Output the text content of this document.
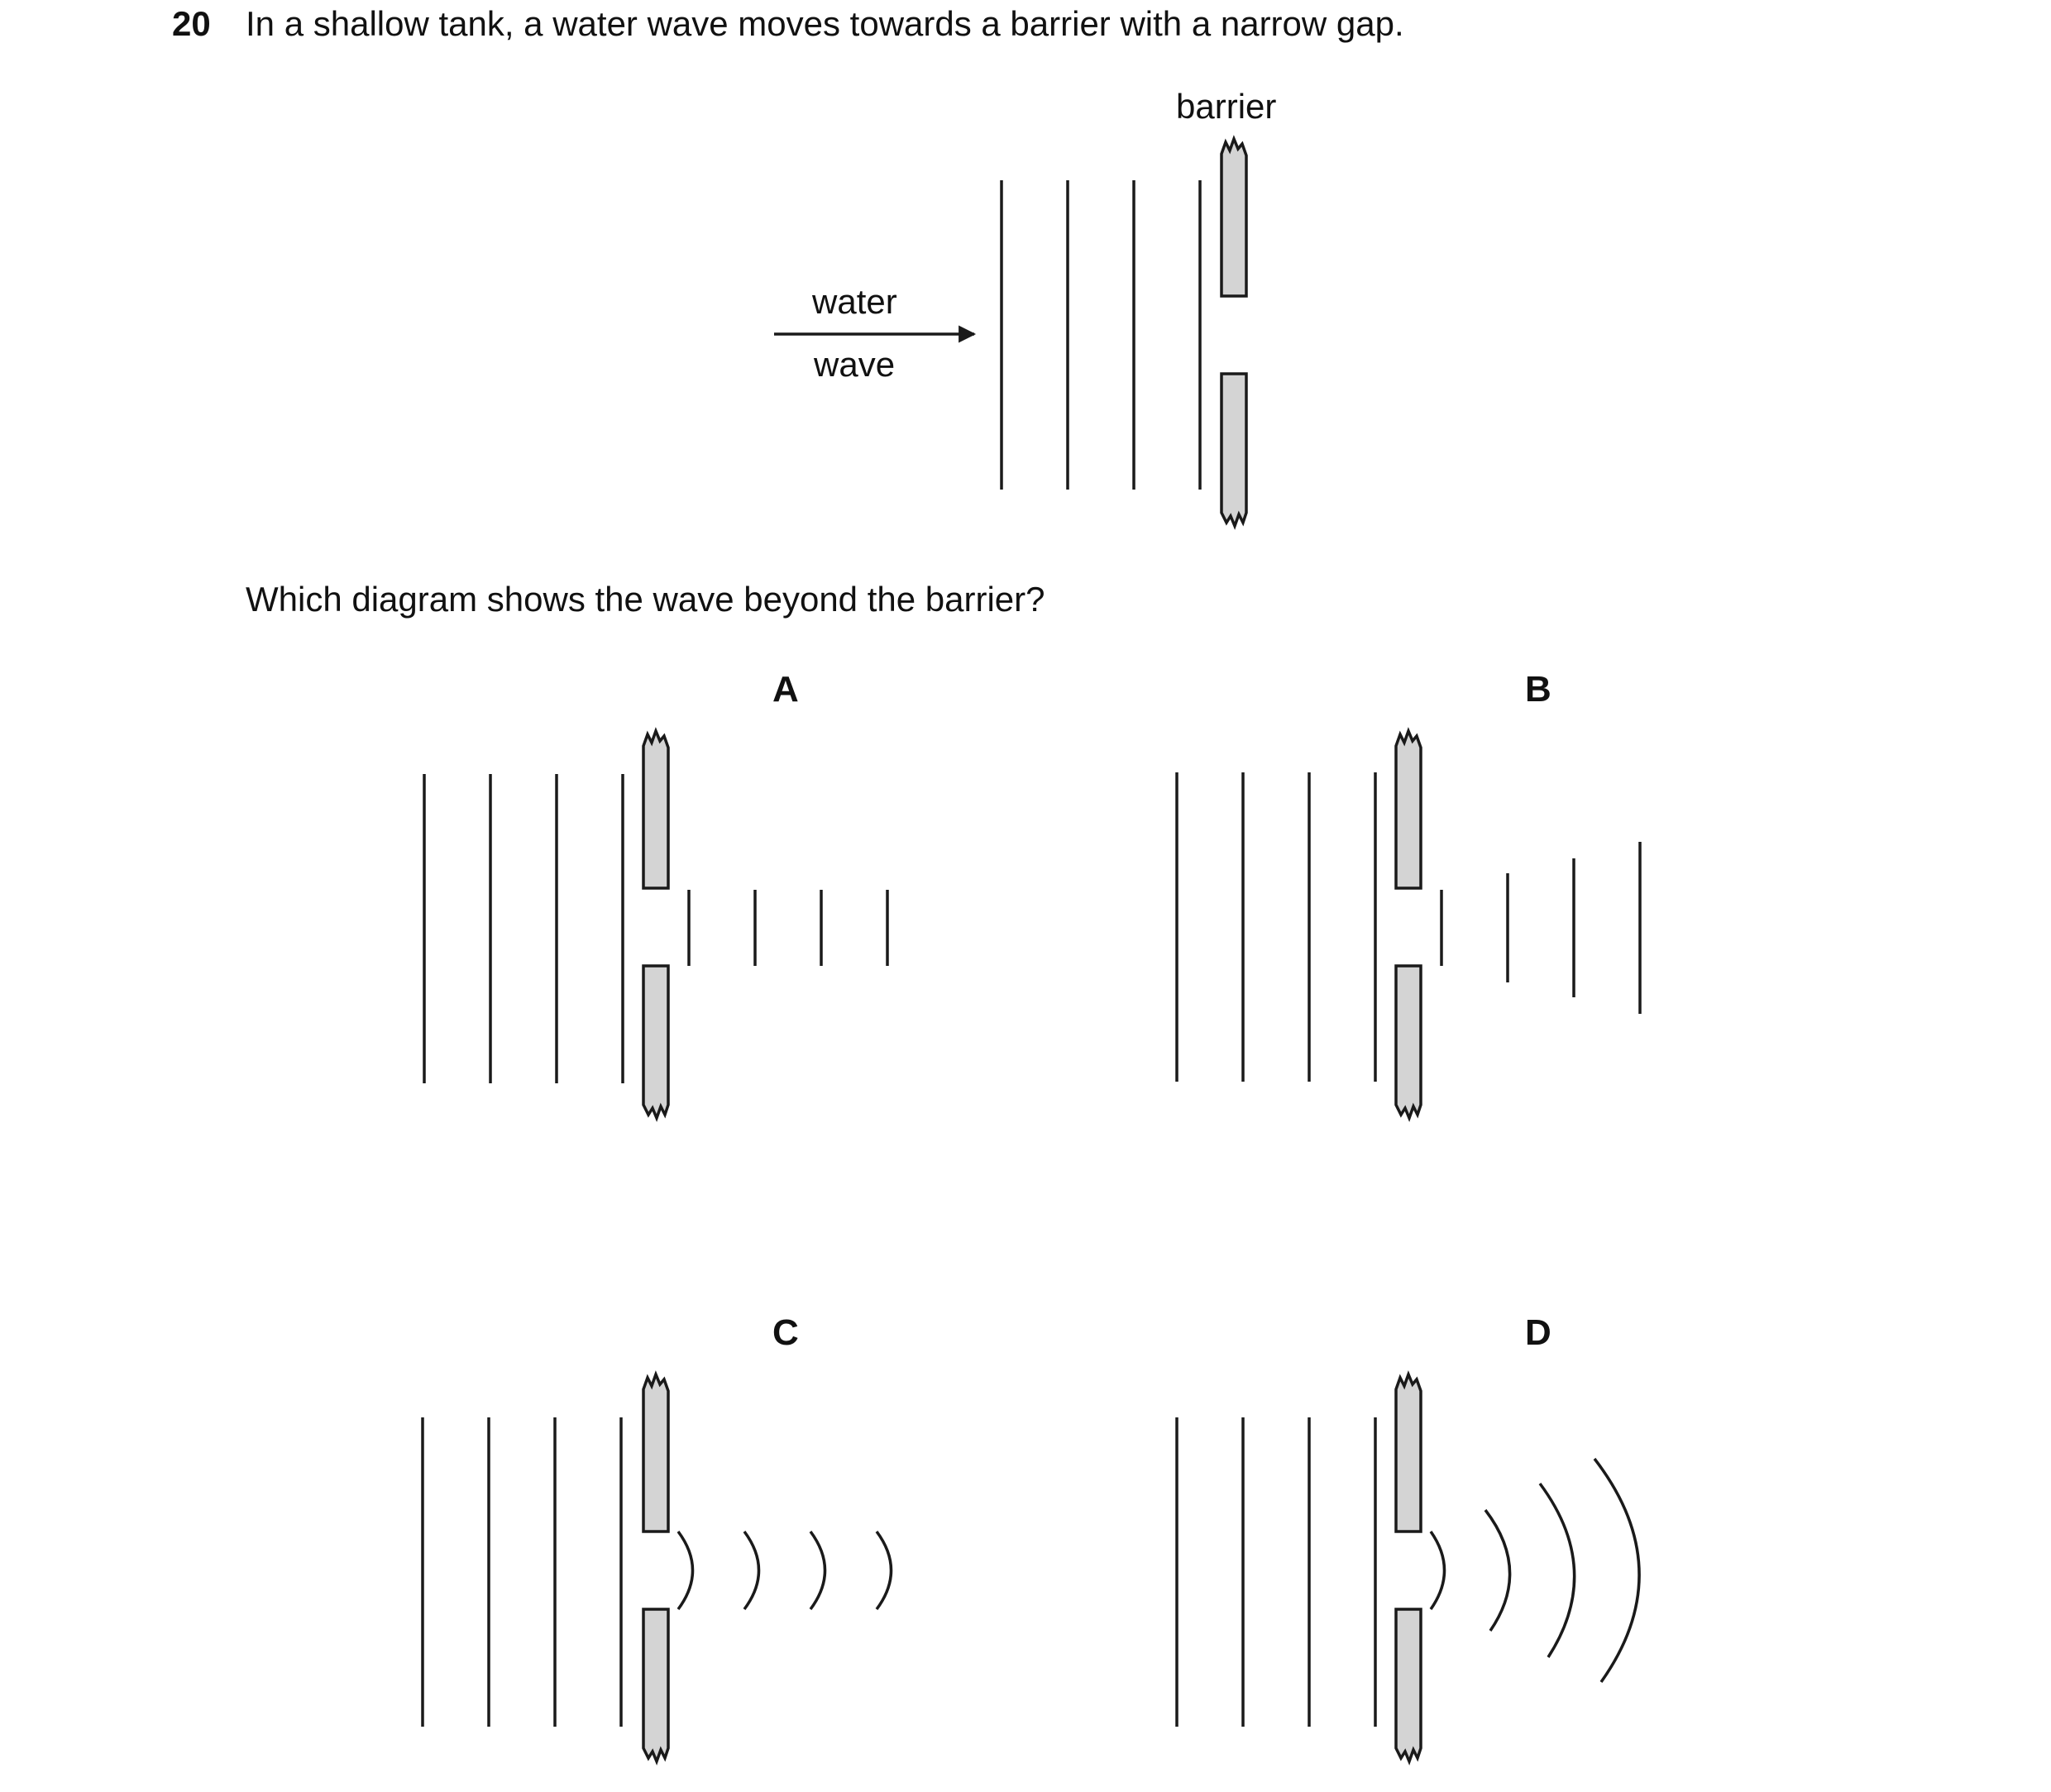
20 In a shallow tank, a water wave moves towards a barrier with a narrow gap.
barrier
water
wave
Which diagram shows the wave beyond the barrier?
A	B
C	D
